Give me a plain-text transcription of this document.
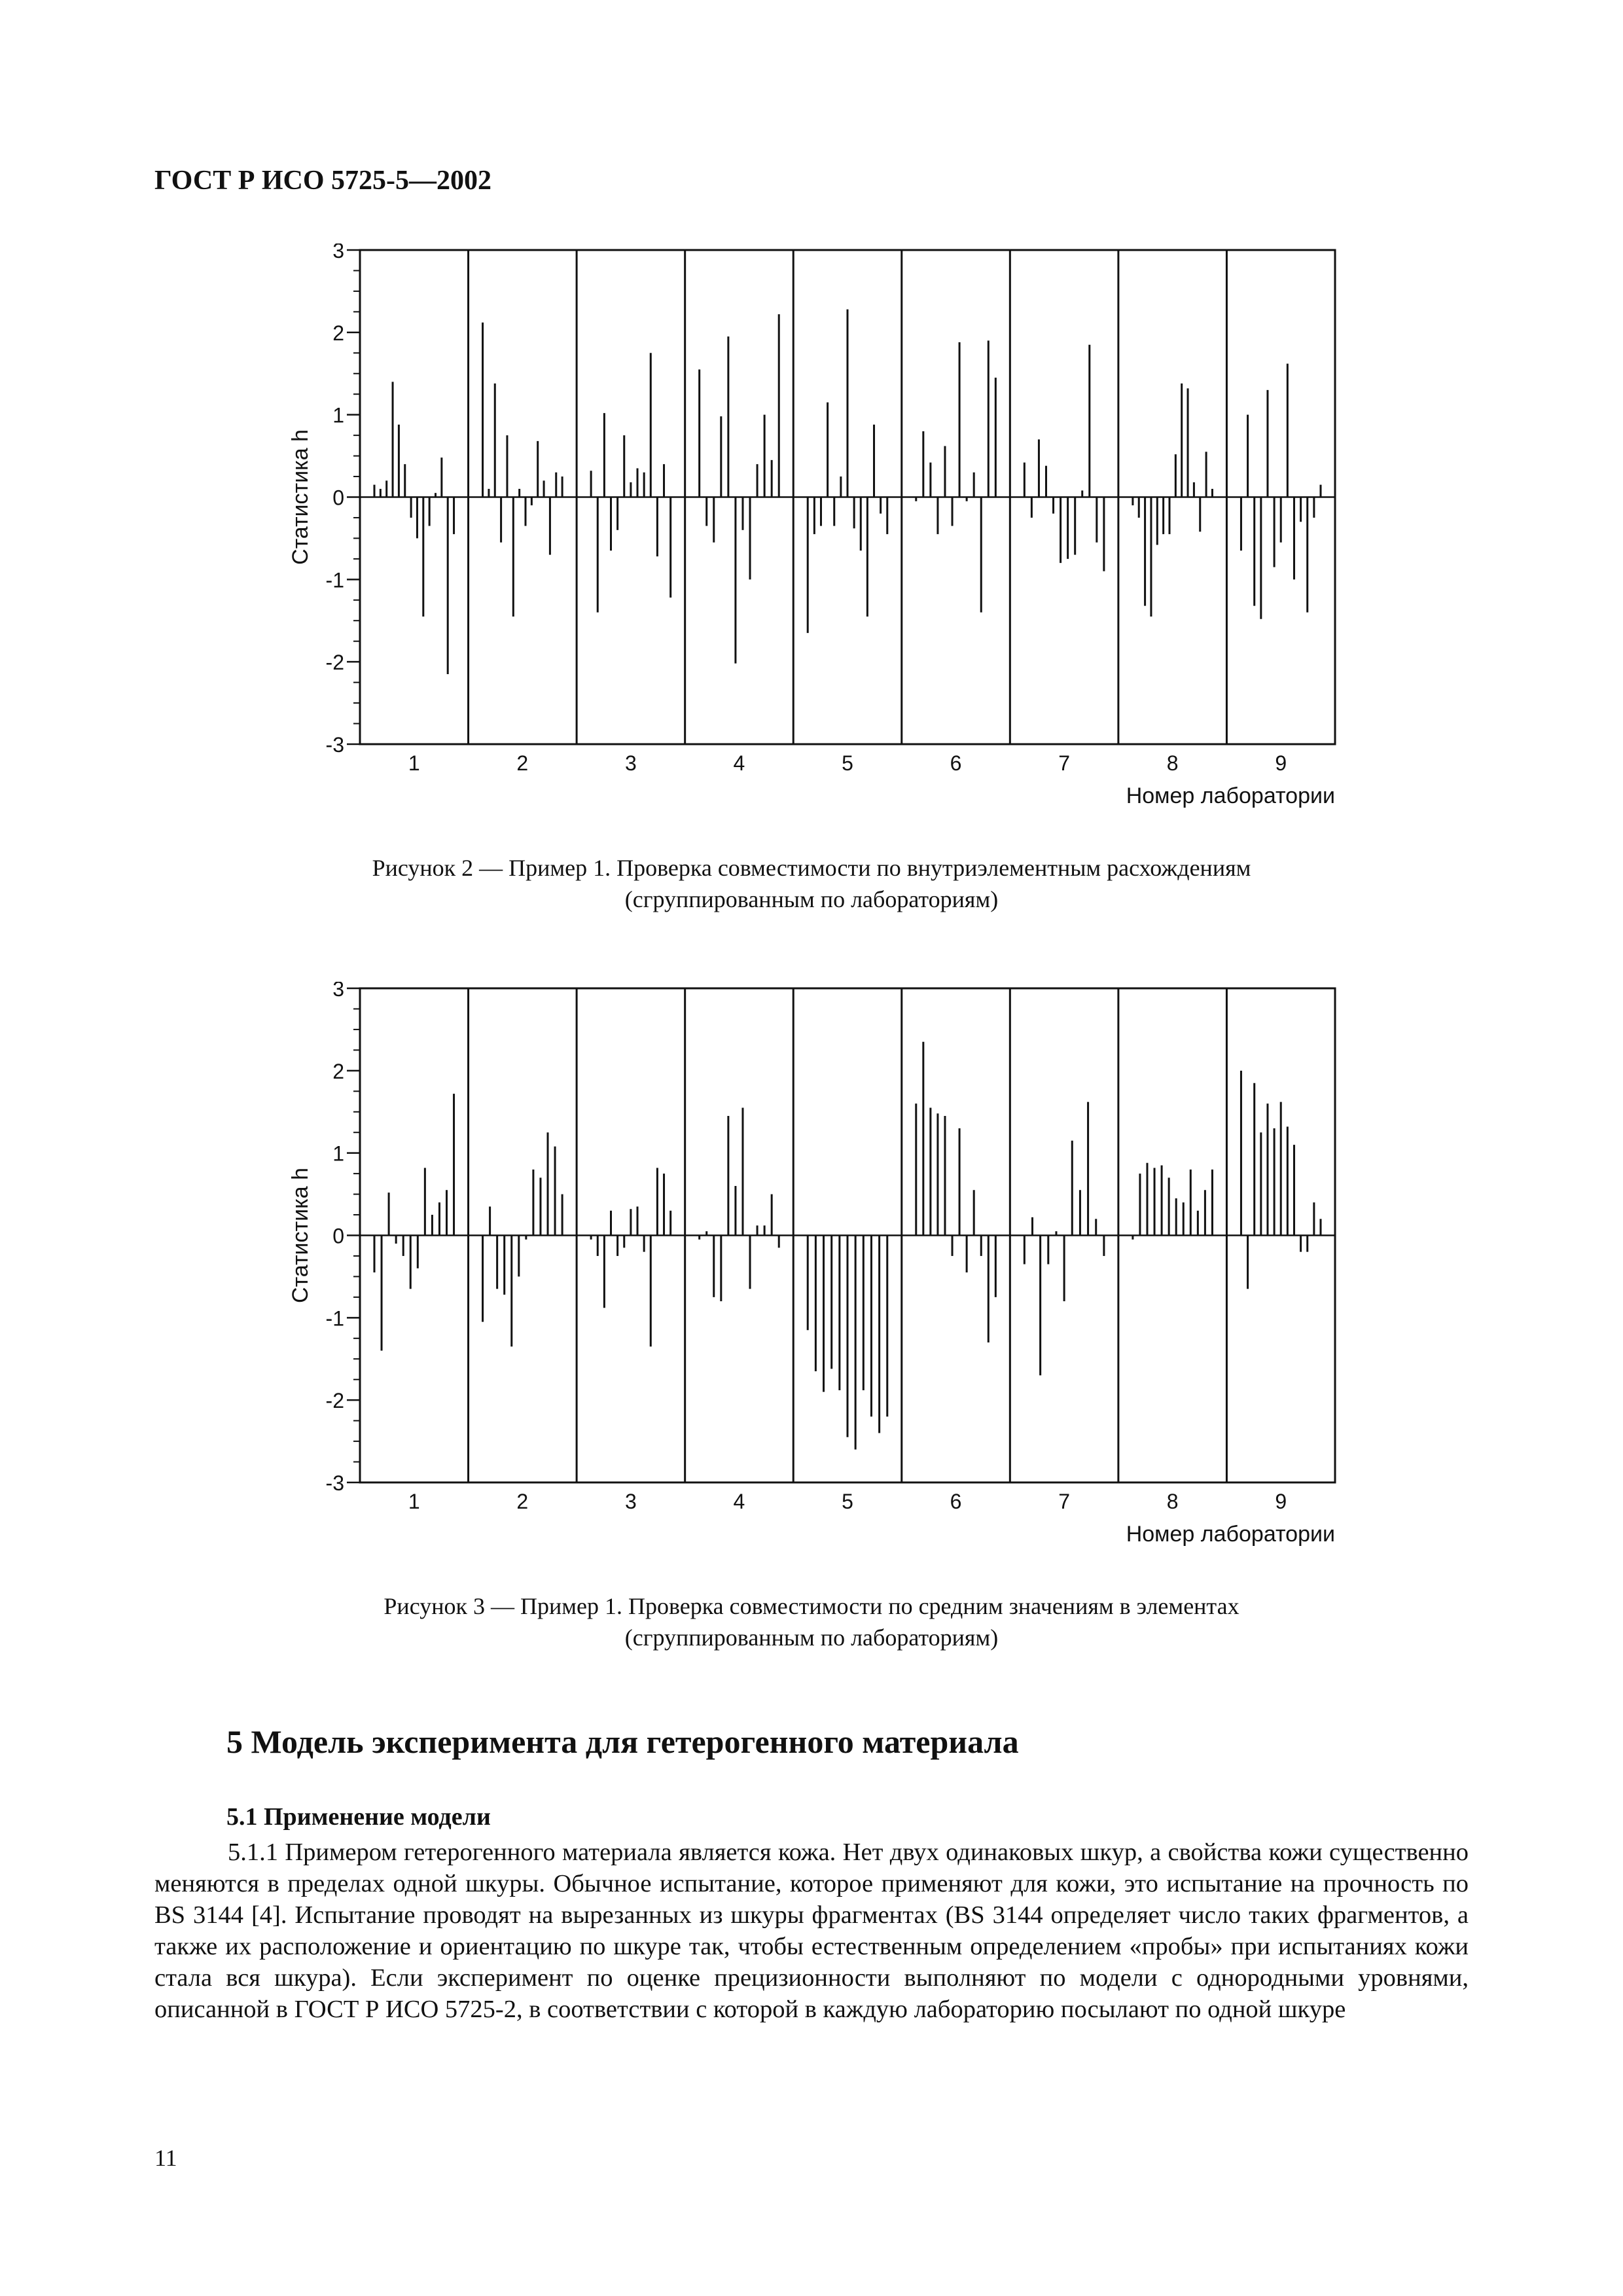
ГОСТ Р ИСО 5725-5—2002
3
2
1
0
-1
-2
-3
1	2	3	4	5	6	7	8	9
Номер лаборатории
Статистика h
Рисунок 2 — Пример 1. Проверка совместимости по внутриэлементным расхождениям
(сгруппированным по лабораториям)
3
2
1
0
-1
-2
-3
1	2	3	4	5	6	7	8	9
Номер лаборатории
Статистика h
Рисунок 3 — Пример 1. Проверка совместимости по средним значениям в элементах
(сгруппированным по лабораториям)
5 Модель эксперимента для гетерогенного материала
5.1 Применение модели
5.1.1 Примером гетерогенного материала является кожа. Нет двух одинаковых шкур, а свойства кожи существенно меняются в пределах одной шкуры. Обычное испытание, которое применяют для кожи, это испытание на прочность по BS 3144 [4]. Испытание проводят на вырезанных из шкуры фрагментах (BS 3144 определяет число таких фрагментов, а также их расположение и ориентацию по шкуре так, чтобы естественным определением «пробы» при испытаниях кожи стала вся шкура). Если эксперимент по оценке прецизионности выполняют по модели с однородными уровнями, описанной в ГОСТ Р ИСО 5725-2, в соответствии с которой в каждую лабораторию посылают по одной шкуре
11
